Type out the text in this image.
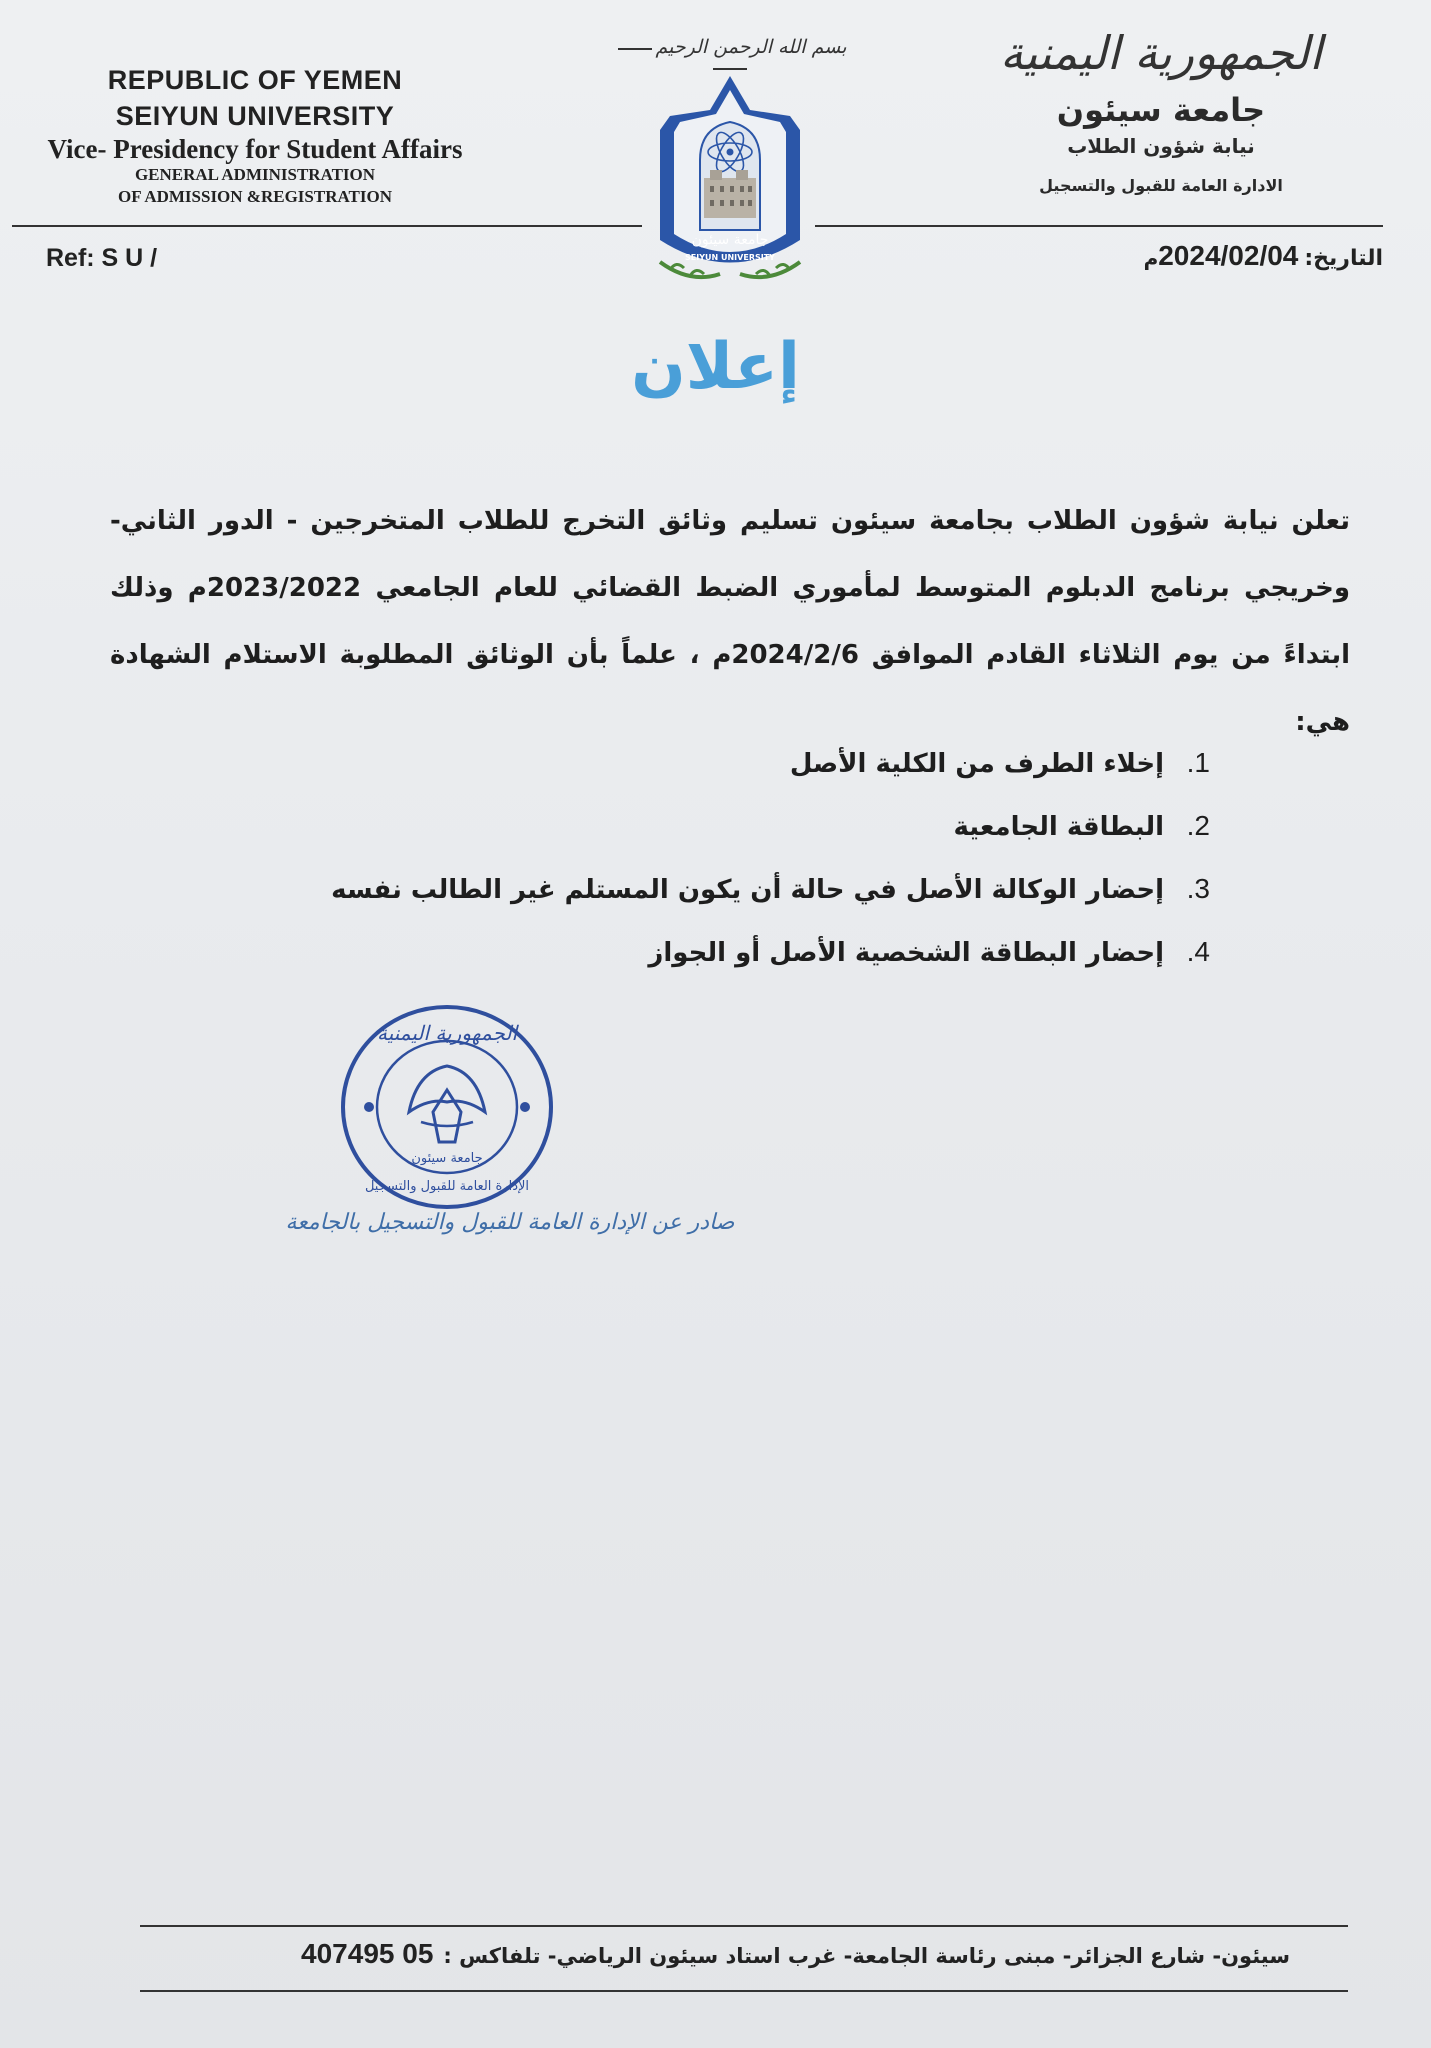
REPUBLIC OF YEMEN
SEIYUN UNIVERSITY
Vice- Presidency for Student Affairs
GENERAL ADMINISTRATION
OF ADMISSION &REGISTRATION
بسم الله الرحمن الرحيم
جامعة سيئون
SEIYUN UNIVERSITY
الجمهورية اليمنية
جامعة سيئون
نيابة شؤون الطلاب
الادارة العامة للقبول والتسجيل
Ref: S U /	التاريخ:2024/02/04م
إعلان
تعلن نيابة شؤون الطلاب بجامعة سيئون تسليم وثائق التخرج للطلاب المتخرجين - الدور الثاني- وخريجي برنامج الدبلوم المتوسط لمأموري الضبط القضائي للعام الجامعي 2023/2022م وذلك ابتداءً من يوم الثلاثاء القادم الموافق 2024/2/6م ، علماً بأن الوثائق المطلوبة الاستلام الشهادة هي:
1.إخلاء الطرف من الكلية الأصل
2.البطاقة الجامعية
3.إحضار الوكالة الأصل في حالة أن يكون المستلم غير الطالب نفسه
4.إحضار البطاقة الشخصية الأصل أو الجواز
الجمهورية اليمنية
جامعة سيئون
الإدارة العامة للقبول والتسجيل
صادر عن الإدارة العامة للقبول والتسجيل بالجامعة
سيئون- شارع الجزائر- مبنى رئاسة الجامعة- غرب استاد سيئون الرياضي- تلفاكس :05 407495
